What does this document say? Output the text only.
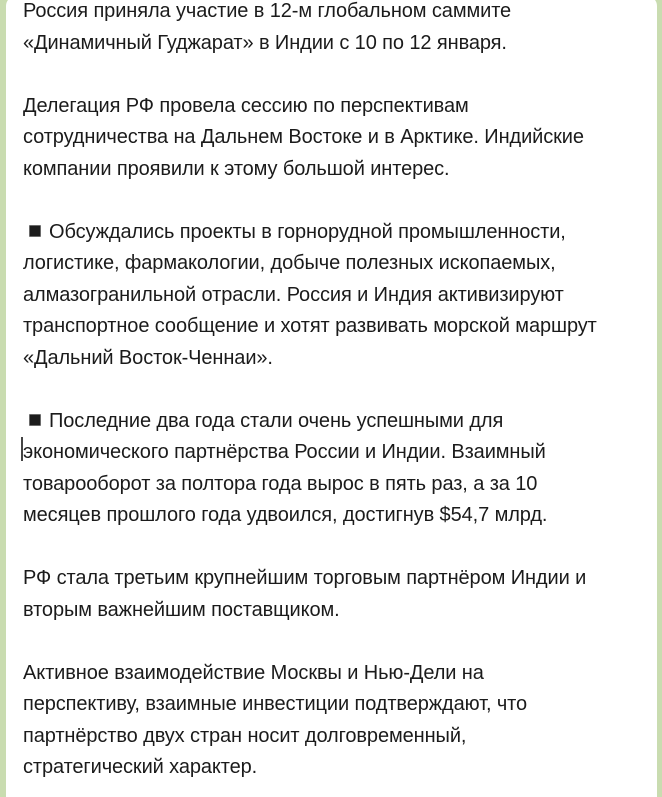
Россия приняла участие в 12-м глобальном саммите
«Динамичный Гуджарат» в Индии с 10 по 12 января.

Делегация РФ провела сессию по перспективам
сотрудничества на Дальнем Востоке и в Арктике. Индийские
компании проявили к этому большой интерес.

Обсуждались проекты в горнорудной промышленности,
логистике, фармакологии, добыче полезных ископаемых,
алмазогранильной отрасли. Россия и Индия активизируют
транспортное сообщение и хотят развивать морской маршрут
«Дальний Восток-Ченнаи».

Последние два года стали очень успешными для
экономического партнёрства России и Индии. Взаимный
товарооборот за полтора года вырос в пять раз, а за 10
месяцев прошлого года удвоился, достигнув $54,7 млрд.

РФ стала третьим крупнейшим торговым партнёром Индии и
вторым важнейшим поставщиком.

Активное взаимодействие Москвы и Нью-Дели на
перспективу, взаимные инвестиции подтверждают, что
партнёрство двух стран носит долговременный,
стратегический характер.
